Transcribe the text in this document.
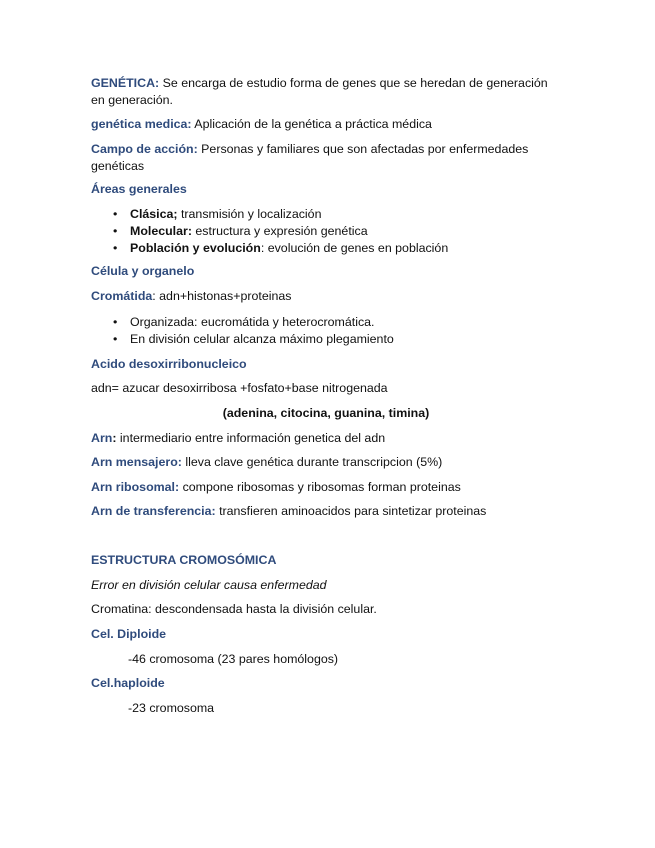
GENÉTICA: Se encarga de estudio forma de genes que se heredan de generación en generación.

genética medica: Aplicación de la genética a práctica médica

Campo de acción: Personas y familiares que son afectadas por enfermedades genéticas

Áreas generales

• Clásica; transmisión y localización

• Molecular: estructura y expresión genética

• Población y evolución: evolución de genes en población

Célula y organelo

Cromátida: adn+histonas+proteinas

• Organizada: eucromátida y heterocromática.

• En división celular alcanza máximo plegamiento

Acido desoxirribonucleico

adn= azucar desoxirribosa +fosfato+base nitrogenada

(adenina, citocina, guanina, timina)

Arn: intermediario entre información genetica del adn

Arn mensajero: lleva clave genética durante transcripcion (5%)

Arn ribosomal: compone ribosomas y ribosomas forman proteinas

Arn de transferencia: transfieren aminoacidos para sintetizar proteinas

ESTRUCTURA CROMOSÓMICA

Error en división celular causa enfermedad

Cromatina: descondensada hasta la división celular.

Cel. Diploide

-46 cromosoma (23 pares homólogos)

Cel.haploide

-23 cromosoma
